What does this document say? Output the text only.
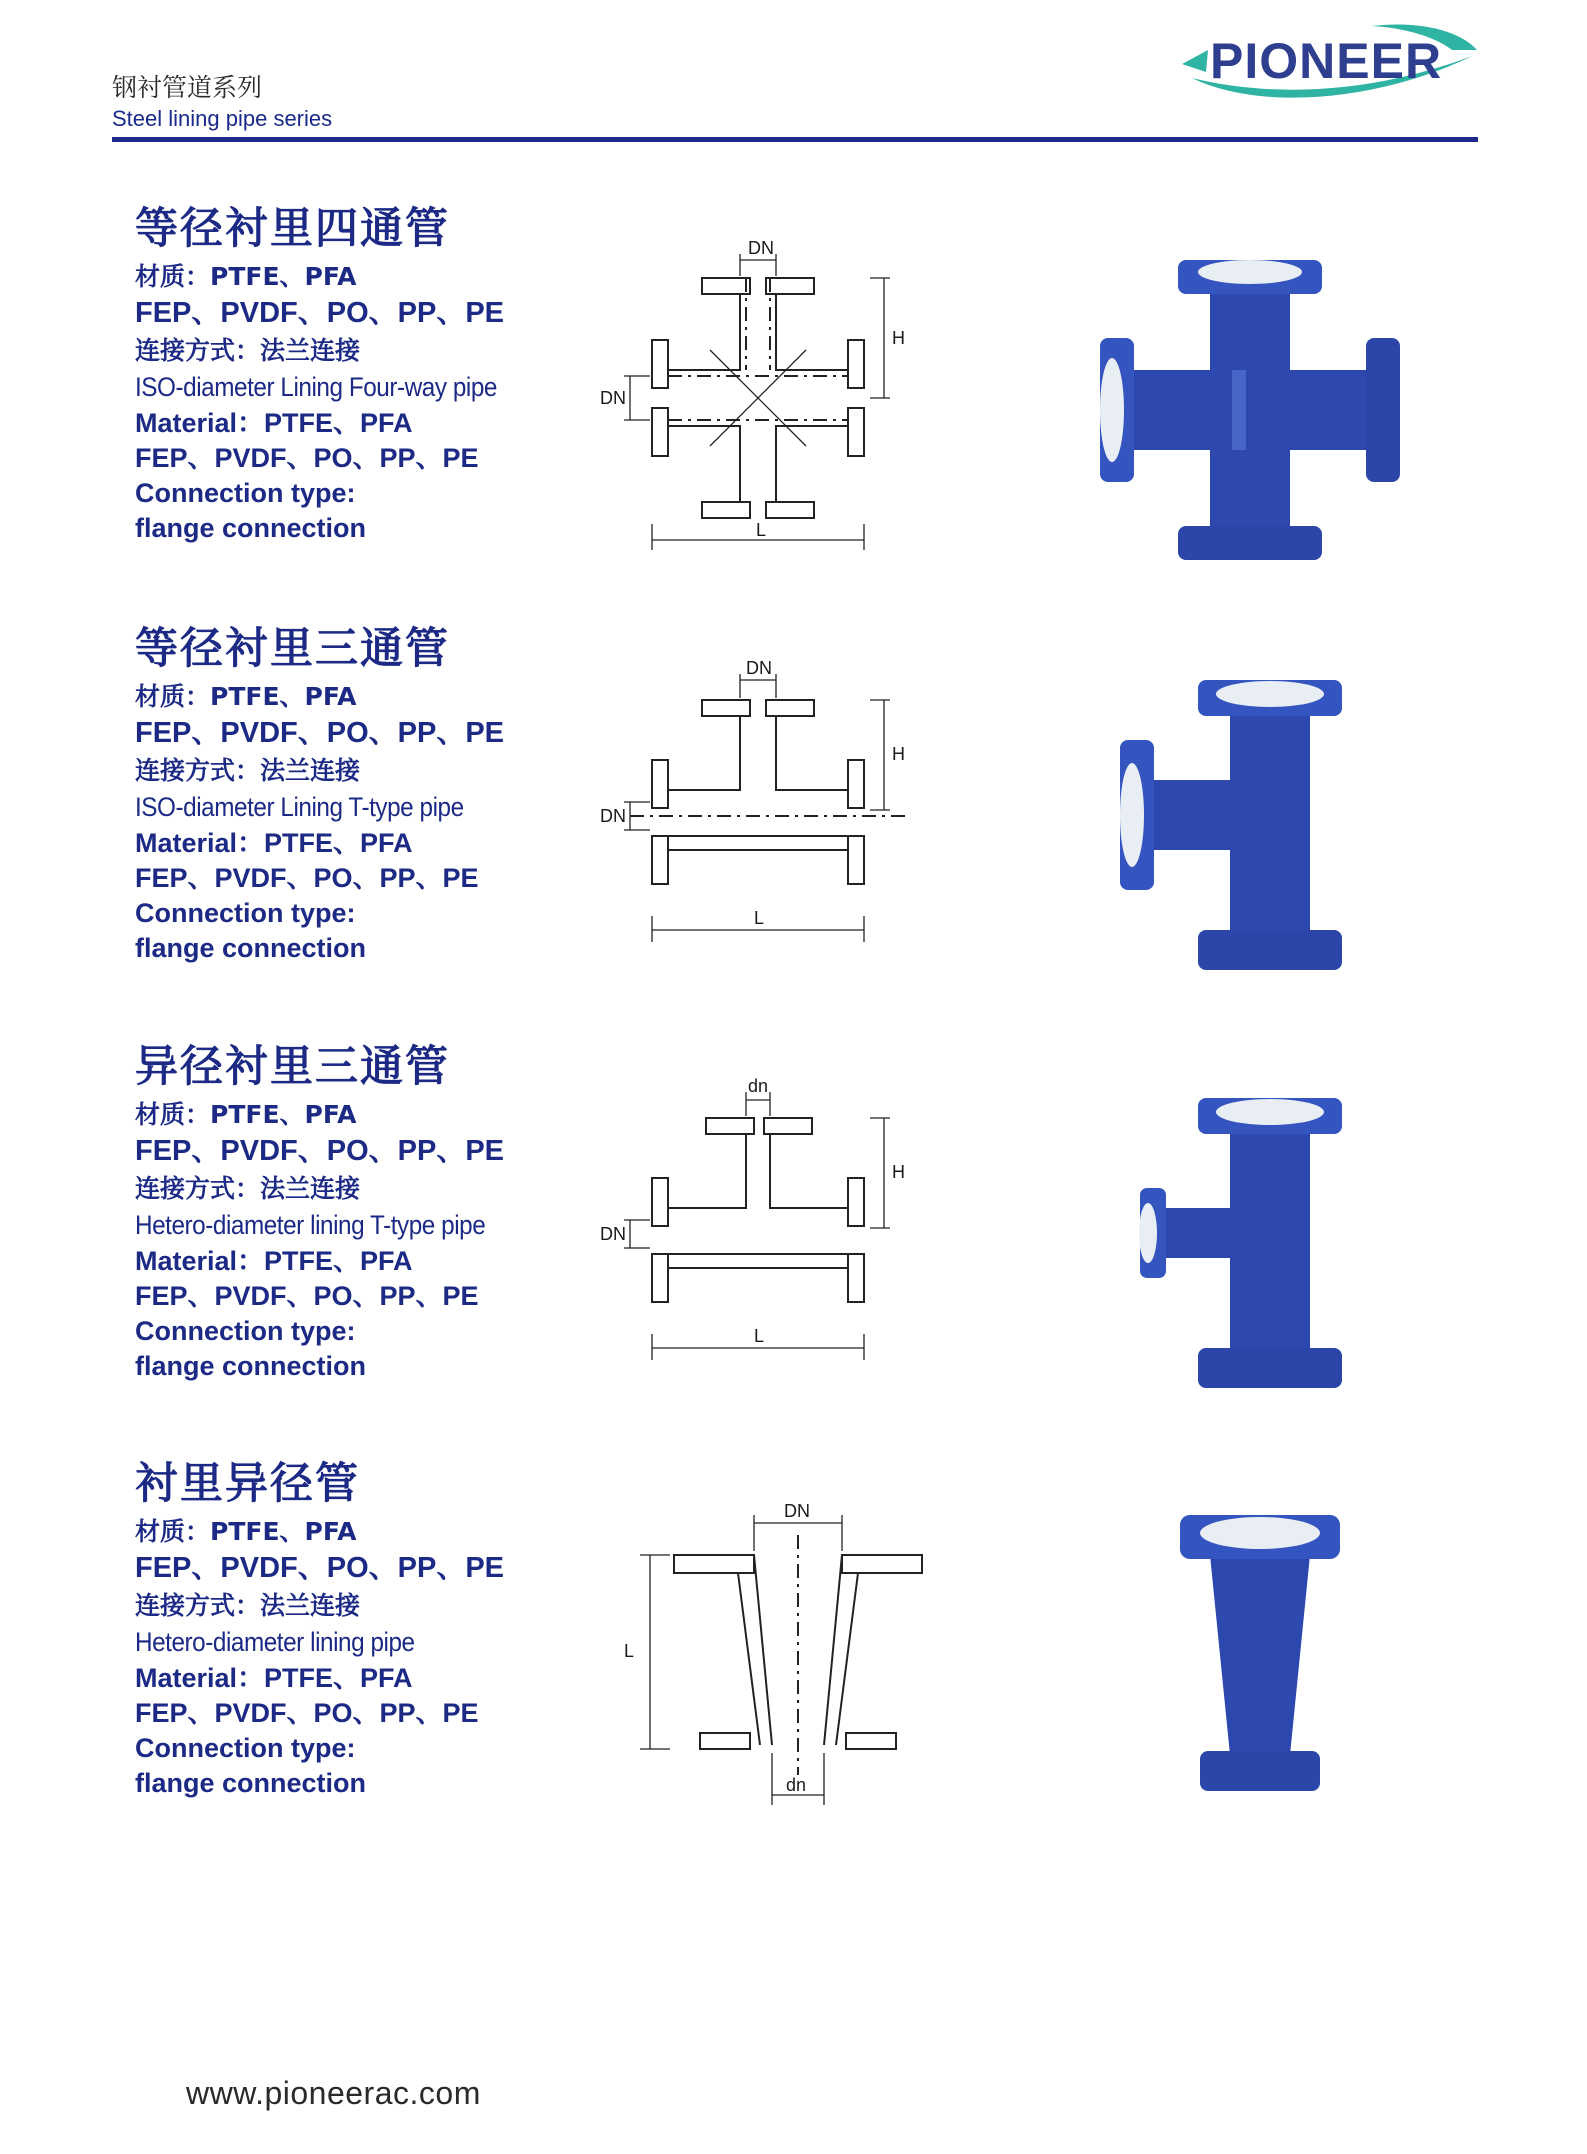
钢衬管道系列
Steel lining pipe series
PIONEER
等径衬里四通管
材质：PTFE、PFA
FEP、PVDF、PO、PP、PE
连接方式：法兰连接
ISO-diameter Lining Four-way pipe
Material：PTFE、PFA
FEP、PVDF、PO、PP、PE
Connection type:
flange connection
DN
H
DN
L
等径衬里三通管
材质：PTFE、PFA
FEP、PVDF、PO、PP、PE
连接方式：法兰连接
ISO-diameter Lining T-type pipe
Material：PTFE、PFA
FEP、PVDF、PO、PP、PE
Connection type:
flange connection
DN
H
DN
L
异径衬里三通管
材质：PTFE、PFA
FEP、PVDF、PO、PP、PE
连接方式：法兰连接
Hetero-diameter lining T-type pipe
Material：PTFE、PFA
FEP、PVDF、PO、PP、PE
Connection type:
flange connection
dn
H
DN
L
衬里异径管
材质：PTFE、PFA
FEP、PVDF、PO、PP、PE
连接方式：法兰连接
Hetero-diameter lining pipe
Material：PTFE、PFA
FEP、PVDF、PO、PP、PE
Connection type:
flange connection
DN
L
dn
www.pioneerac.com
